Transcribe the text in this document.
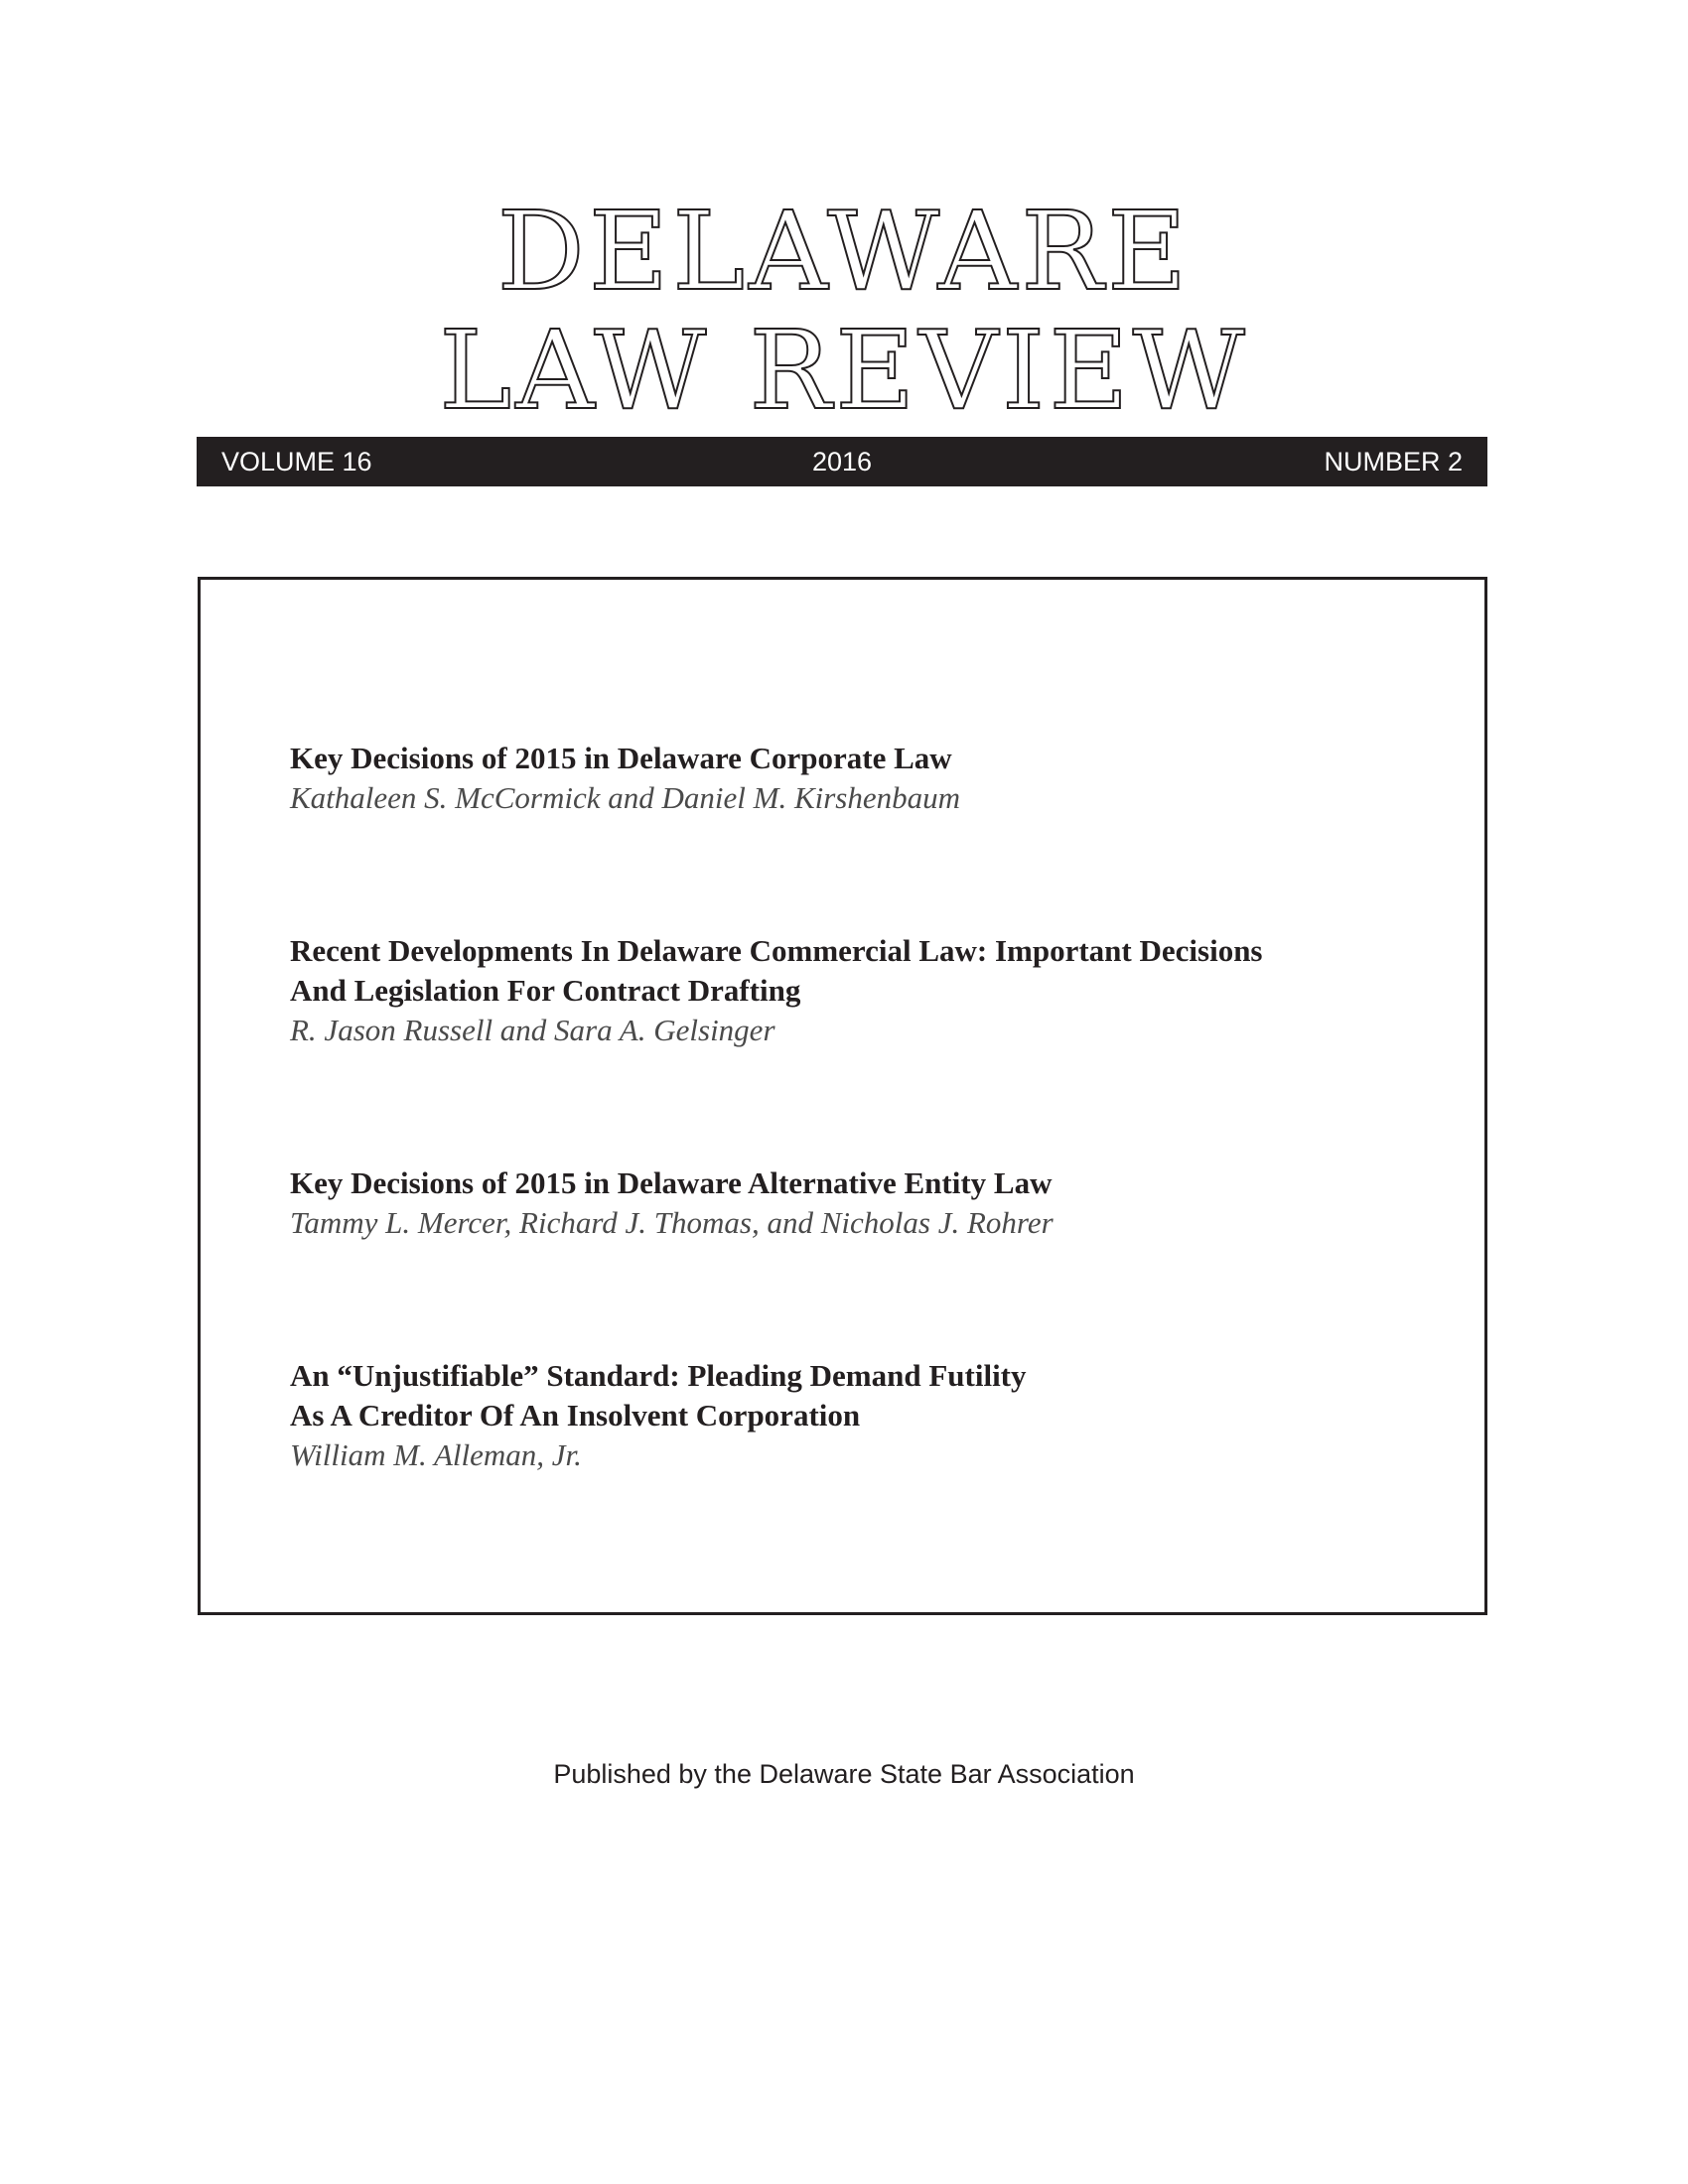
DELAWARE
LAW REVIEW
VOLUME 16	2016	NUMBER 2

Key Decisions of 2015 in Delaware Corporate Law

Kathaleen S. McCormick and Daniel M. Kirshenbaum

Recent Developments In Delaware Commercial Law: Important Decisions

And Legislation For Contract Drafting

R. Jason Russell and Sara A. Gelsinger

Key Decisions of 2015 in Delaware Alternative Entity Law

Tammy L. Mercer, Richard J. Thomas, and Nicholas J. Rohrer

An “Unjustifiable” Standard: Pleading Demand Futility

As A Creditor Of An Insolvent Corporation

William M. Alleman, Jr.

Published by the Delaware State Bar Association
